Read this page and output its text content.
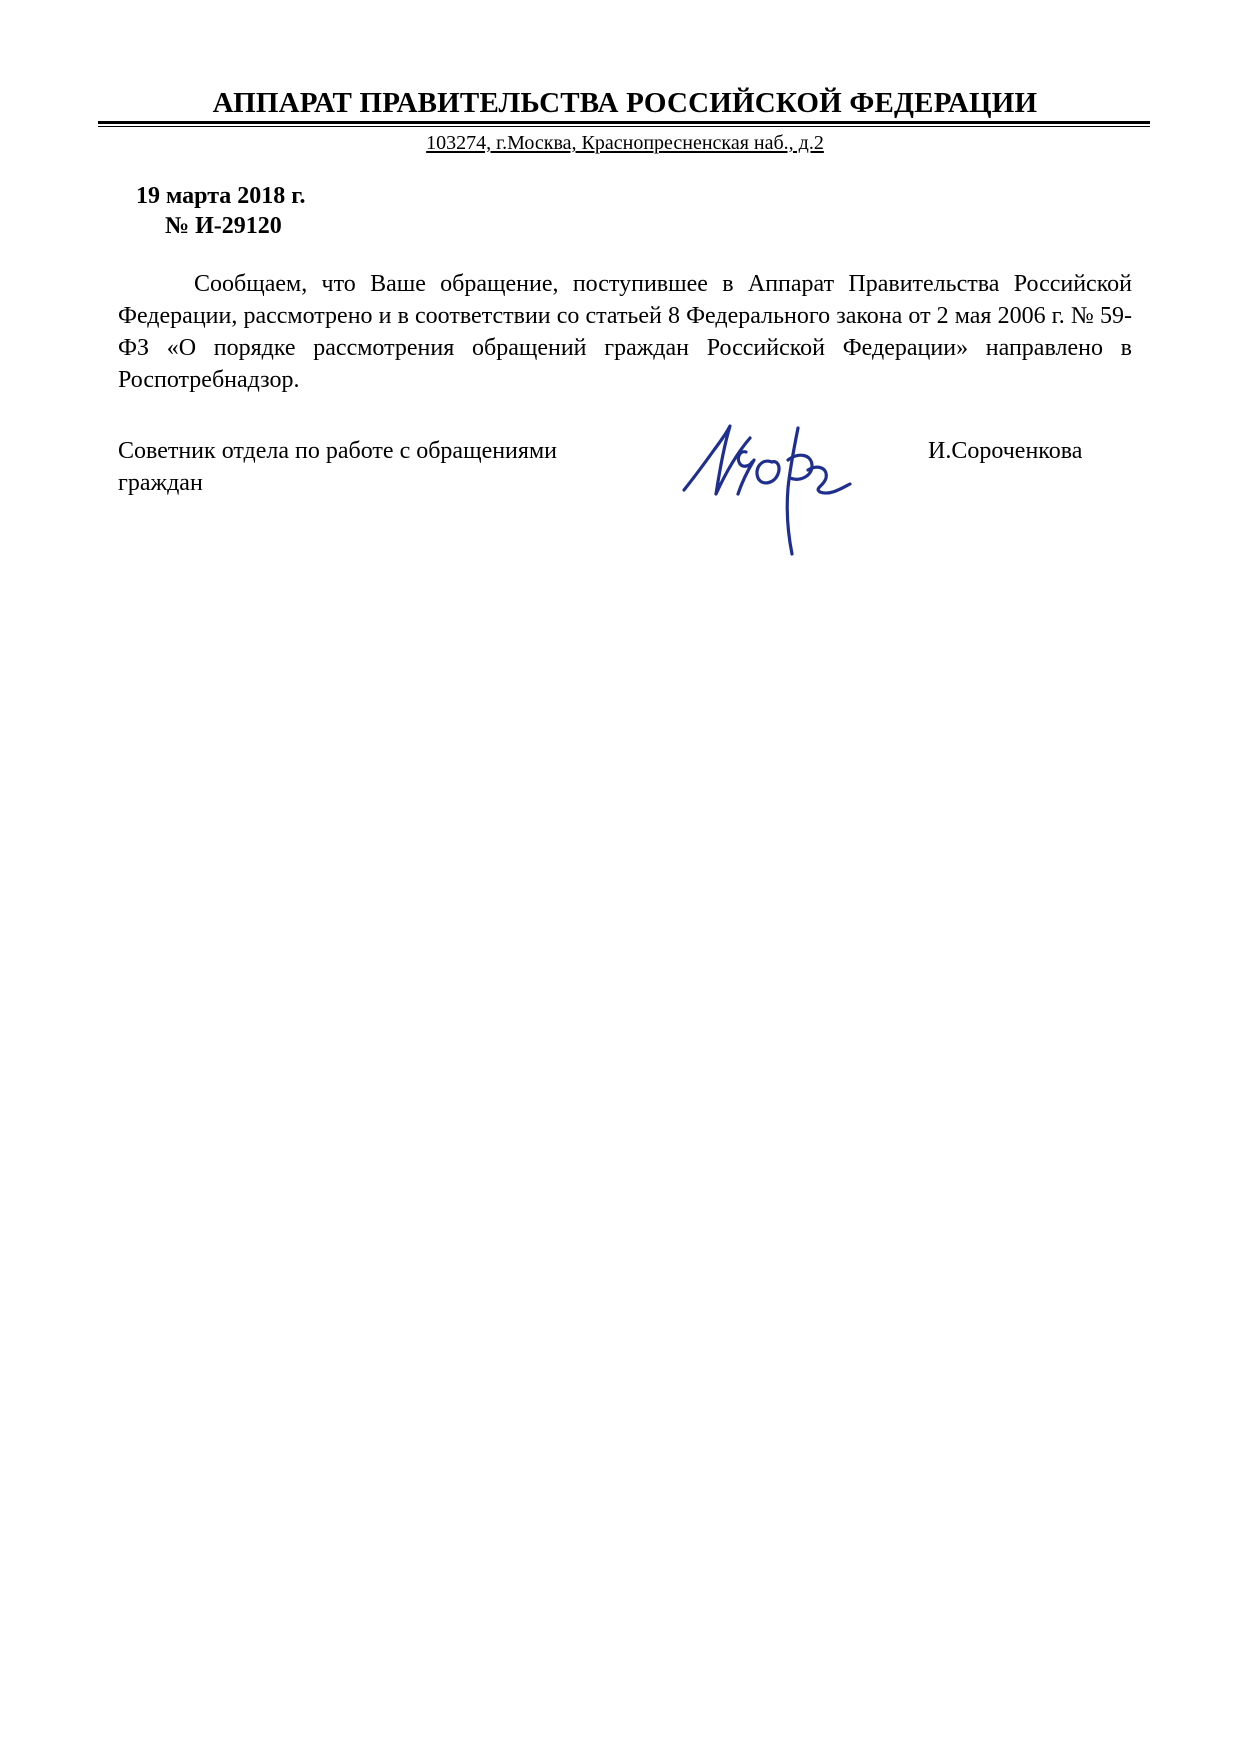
АППАРАТ ПРАВИТЕЛЬСТВА РОССИЙСКОЙ ФЕДЕРАЦИИ
103274, г.Москва, Краснопресненская наб., д.2
19 марта 2018 г.
№ И-29120

Сообщаем, что Ваше обращение, поступившее в Аппарат Правительства Российской Федерации, рассмотрено и в соответствии со статьей 8 Федерального закона от 2 мая 2006 г. № 59-ФЗ «О порядке рассмотрения обращений граждан Российской Федерации» направлено в Роспотребнадзор.

Советник отдела по работе с обращениями граждан

И.Сороченкова
